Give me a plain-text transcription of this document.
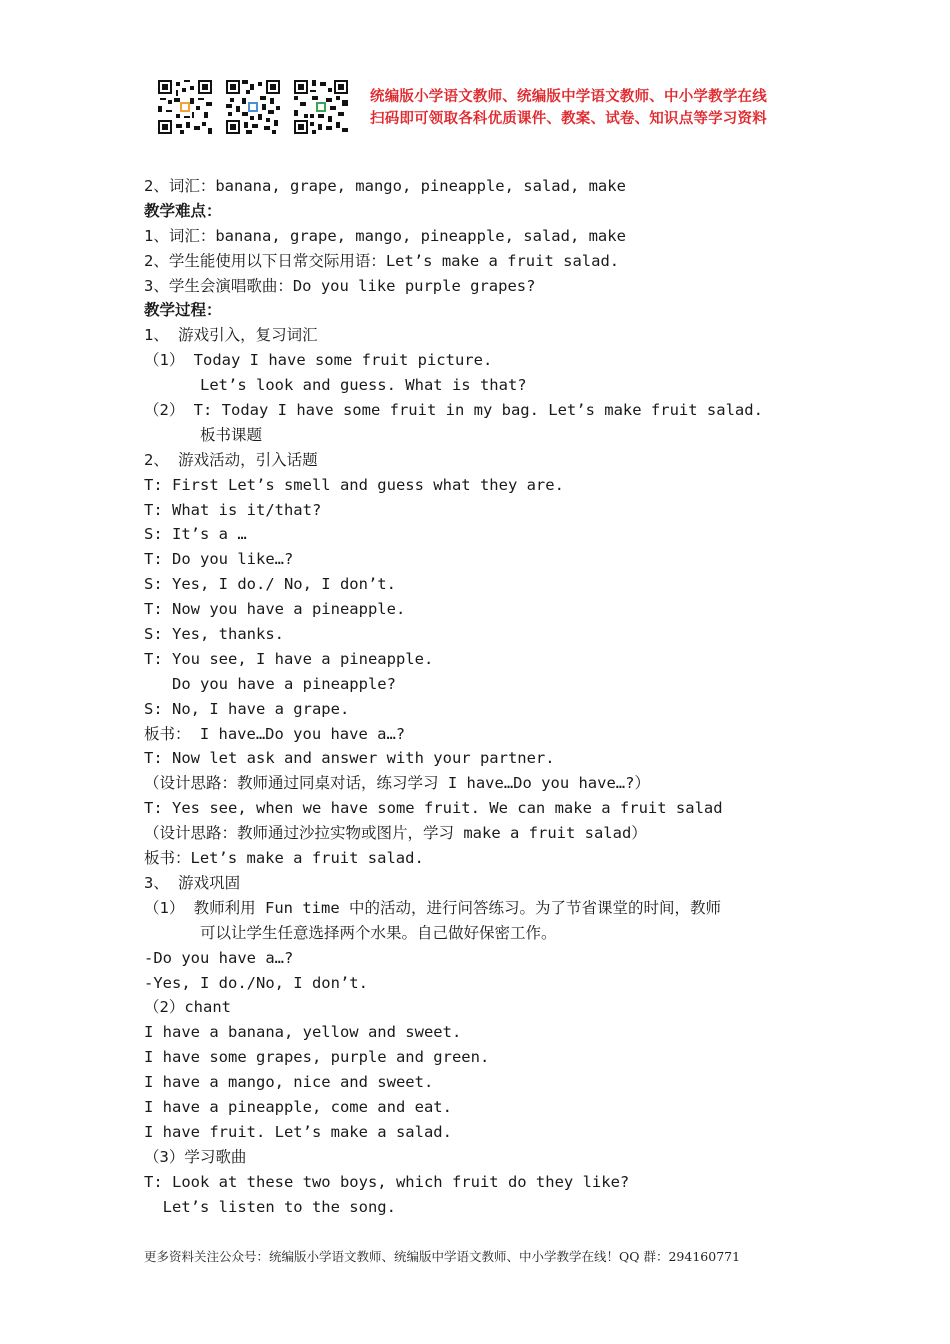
统编版小学语文教师、统编版中学语文教师、中小学教学在线
扫码即可领取各科优质课件、教案、试卷、知识点等学习资料
2、词汇：banana, grape, mango, pineapple, salad, make
教学难点：
1、词汇：banana, grape, mango, pineapple, salad, make
2、学生能使用以下日常交际用语：Let’s make a fruit salad.
3、学生会演唱歌曲：Do you like purple grapes?
教学过程：
1、 游戏引入，复习词汇
（1） Today I have some fruit picture.
Let’s look and guess. What is that?
（2） T: Today I have some fruit in my bag. Let’s make fruit salad.
板书课题
2、 游戏活动，引入话题
T: First Let’s smell and guess what they are.
T: What is it/that?
S: It’s a …
T: Do you like…?
S: Yes, I do./ No, I don’t.
T: Now you have a pineapple.
S: Yes, thanks.
T: You see, I have a pineapple.
Do you have a pineapple?
S: No, I have a grape.
板书： I have…Do you have a…?
T: Now let ask and answer with your partner.
（设计思路：教师通过同桌对话，练习学习 I have…Do you have…?）
T: Yes see, when we have some fruit. We can make a fruit salad
（设计思路：教师通过沙拉实物或图片，学习 make a fruit salad）
板书：Let’s make a fruit salad.
3、 游戏巩固
（1） 教师利用 Fun time 中的活动，进行问答练习。为了节省课堂的时间，教师
可以让学生任意选择两个水果。自己做好保密工作。
-Do you have a…?
-Yes, I do./No, I don’t.
（2）chant
I have a banana, yellow and sweet.
I have some grapes, purple and green.
I have a mango, nice and sweet.
I have a pineapple, come and eat.
I have fruit. Let’s make a salad.
（3）学习歌曲
T: Look at these two boys, which fruit do they like?
Let’s listen to the song.
更多资料关注公众号：统编版小学语文教师、统编版中学语文教师、中小学教学在线！QQ 群：294160771
